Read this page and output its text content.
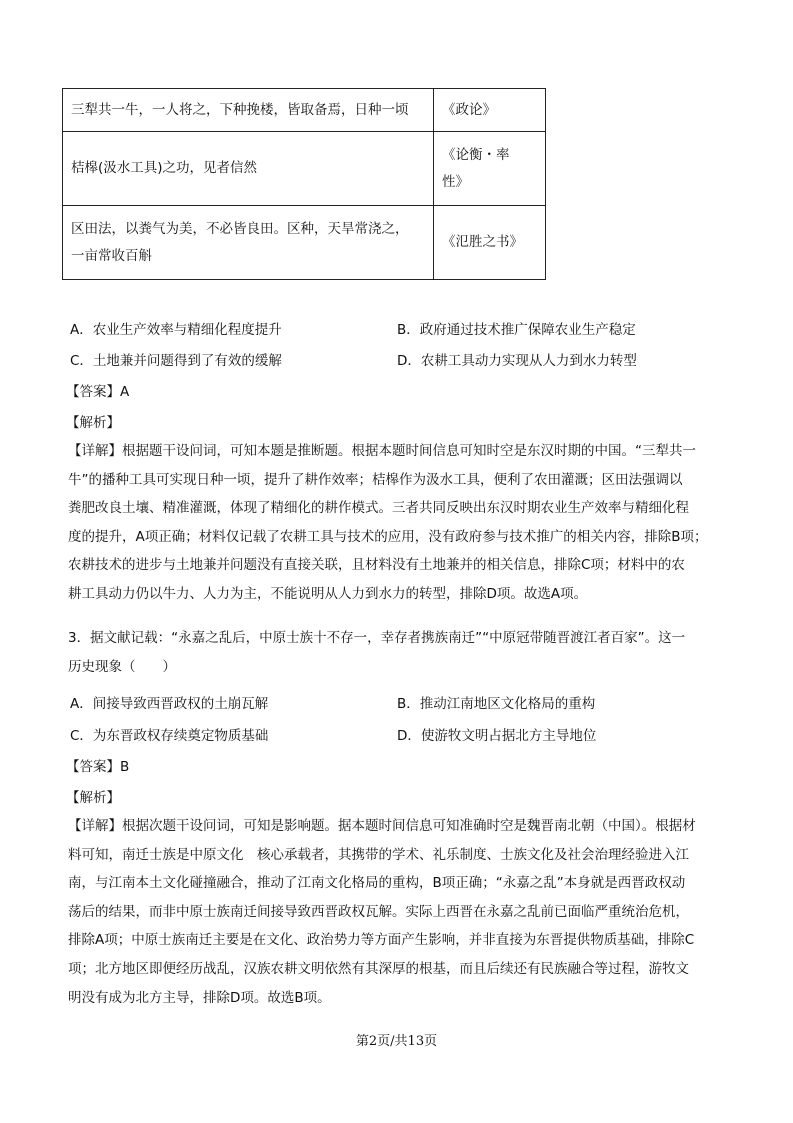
三犁共一牛，一人将之，下种挽楼，皆取备焉，日种一顷	《政论》
桔槔(汲水工具)之功，见者信然	《论衡・率
性》

区田法，以粪气为美，不必皆良田。区种，天旱常浇之，
一亩常收百斛	《氾胜之书》
A．农业生产效率与精细化程度提升	B．政府通过技术推广保障农业生产稳定
C．土地兼并问题得到了有效的缓解	D．农耕工具动力实现从人力到水力转型
【答案】A
【解析】
【详解】根据题干设问词，可知本题是推断题。根据本题时间信息可知时空是东汉时期的中国。“三犁共一
牛”的播种工具可实现日种一顷，提升了耕作效率；桔槔作为汲水工具，便利了农田灌溉；区田法强调以
粪肥改良土壤、精准灌溉，体现了精细化的耕作模式。三者共同反映出东汉时期农业生产效率与精细化程
度的提升，A项正确；材料仅记载了农耕工具与技术的应用，没有政府参与技术推广的相关内容，排除B项；
农耕技术的进步与土地兼并问题没有直接关联，且材料没有土地兼并的相关信息，排除C项；材料中的农
耕工具动力仍以牛力、人力为主，不能说明从人力到水力的转型，排除D项。故选A项。
3．据文献记载：“永嘉之乱后，中原士族十不存一，幸存者携族南迁”“中原冠带随晋渡江者百家”。这一
历史现象（　　）
A．间接导致西晋政权的土崩瓦解	B．推动江南地区文化格局的重构
C．为东晋政权存续奠定物质基础	D．使游牧文明占据北方主导地位
【答案】B
【解析】
【详解】根据次题干设问词，可知是影响题。据本题时间信息可知准确时空是魏晋南北朝（中国）。根据材
料可知，南迁士族是中原文化　核心承载者，其携带的学术、礼乐制度、士族文化及社会治理经验进入江
南，与江南本土文化碰撞融合，推动了江南文化格局的重构，B项正确；“永嘉之乱”本身就是西晋政权动
荡后的结果，而非中原士族南迁间接导致西晋政权瓦解。实际上西晋在永嘉之乱前已面临严重统治危机，
排除A项；中原士族南迁主要是在文化、政治势力等方面产生影响，并非直接为东晋提供物质基础，排除C
项；北方地区即便经历战乱，汉族农耕文明依然有其深厚的根基，而且后续还有民族融合等过程，游牧文
明没有成为北方主导，排除D项。故选B项。
第2页/共13页
